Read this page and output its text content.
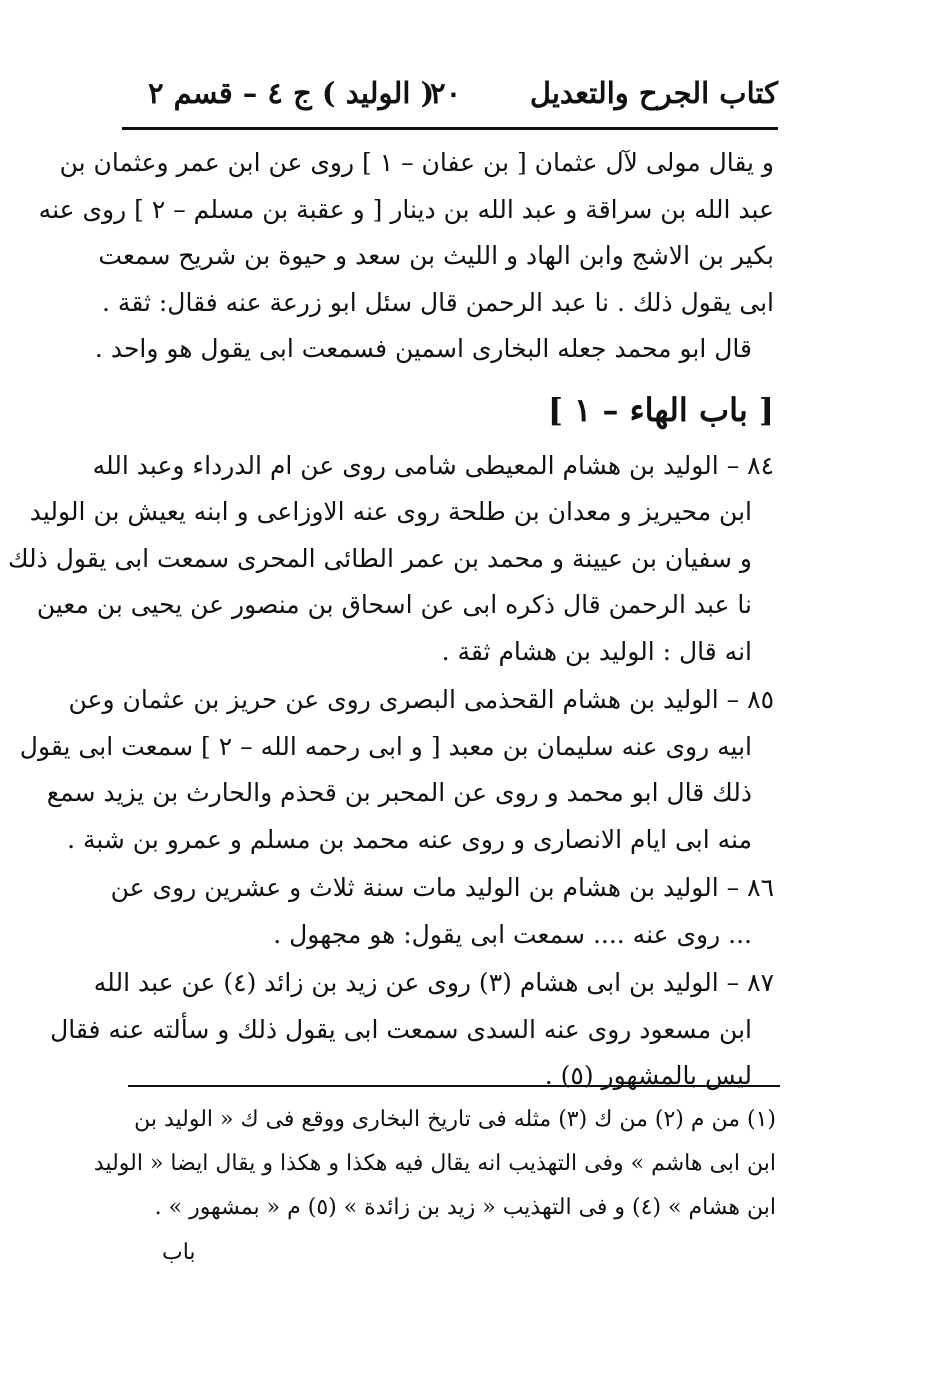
كتاب الجرح والتعديل
٢٠
( الوليد ) ج ٤ – قسم ٢
و يقال مولى لآل عثمان [ بن عفان – ١ ] روى عن ابن عمر وعثمان بن
عبد الله بن سراقة و عبد الله بن دينار [ و عقبة بن مسلم – ٢ ] روى عنه
بكير بن الاشج وابن الهاد و الليث بن سعد و حيوة بن شريح سمعت
ابى يقول ذلك . نا عبد الرحمن قال سئل ابو زرعة عنه فقال: ثقة .
قال ابو محمد جعله البخارى اسمين فسمعت ابى يقول هو واحد .
[ باب الهاء – ١ ]
٨٤ – الوليد بن هشام المعيطى شامى روى عن ام الدرداء وعبد الله
ابن محيريز و معدان بن طلحة روى عنه الاوزاعى و ابنه يعيش بن الوليد
و سفيان بن عيينة و محمد بن عمر الطائى المحرى سمعت ابى يقول ذلك
نا عبد الرحمن قال ذكره ابى عن اسحاق بن منصور عن يحيى بن معين
انه قال : الوليد بن هشام ثقة .
٨٥ – الوليد بن هشام القحذمى البصرى روى عن حريز بن عثمان وعن
ابيه روى عنه سليمان بن معبد [ و ابى رحمه الله – ٢ ] سمعت ابى يقول
ذلك قال ابو محمد و روى عن المحبر بن قحذم والحارث بن يزيد سمع
منه ابى ايام الانصارى و روى عنه محمد بن مسلم و عمرو بن شبة .
٨٦ – الوليد بن هشام بن الوليد مات سنة ثلاث و عشرين روى عن
... روى عنه .... سمعت ابى يقول: هو مجهول .
٨٧ – الوليد بن ابى هشام (٣) روى عن زيد بن زائد (٤) عن عبد الله
ابن مسعود روى عنه السدى سمعت ابى يقول ذلك و سألته عنه فقال
ليس بالمشهور (٥) .
(١) من م (٢) من ك (٣) مثله فى تاريخ البخارى ووقع فى ك « الوليد بن
ابن ابى هاشم » وفى التهذيب انه يقال فيه هكذا و هكذا و يقال ايضا « الوليد
ابن هشام » (٤) و فى التهذيب « زيد بن زائدة » (٥) م « بمشهور » .
باب
